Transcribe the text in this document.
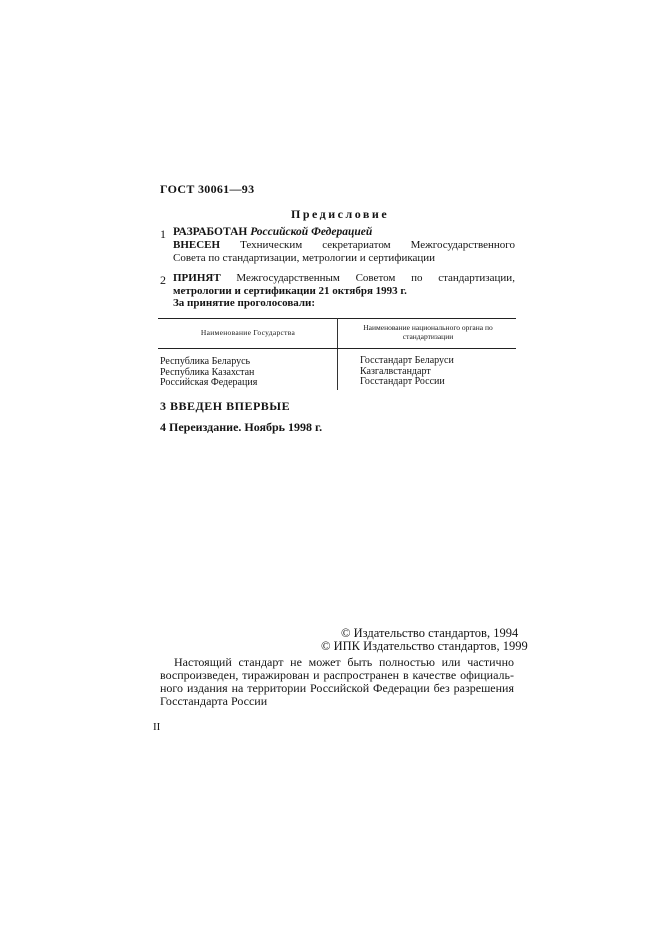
ГОСТ 30061—93
Предисловие
1 РАЗРАБОТАН Российской Федерацией
ВНЕСЕН Техническим секретариатом Межгосударственного
Совета по стандартизации, метрологии и сертификации
2 ПРИНЯТ Межгосударственным Советом по стандартизации,
метрологии и сертификации 21 октября 1993 г.
За принятие проголосовали:
Наименование Государства
Наименование национального органа по стандартизации
Республика Беларусь
Республика Казахстан
Российская Федерация
Госстандарт Беларуси
Казгалвстандарт
Госстандарт России
3 ВВЕДЕН ВПЕРВЫЕ
4 Переиздание. Ноябрь 1998 г.
© Издательство стандартов, 1994
© ИПК Издательство стандартов, 1999
Настоящий стандарт не может быть полностью или частично
воспроизведен, тиражирован и распространен в качестве официаль-
ного издания на территории Российской Федерации без разрешения
Госстандарта России
II
